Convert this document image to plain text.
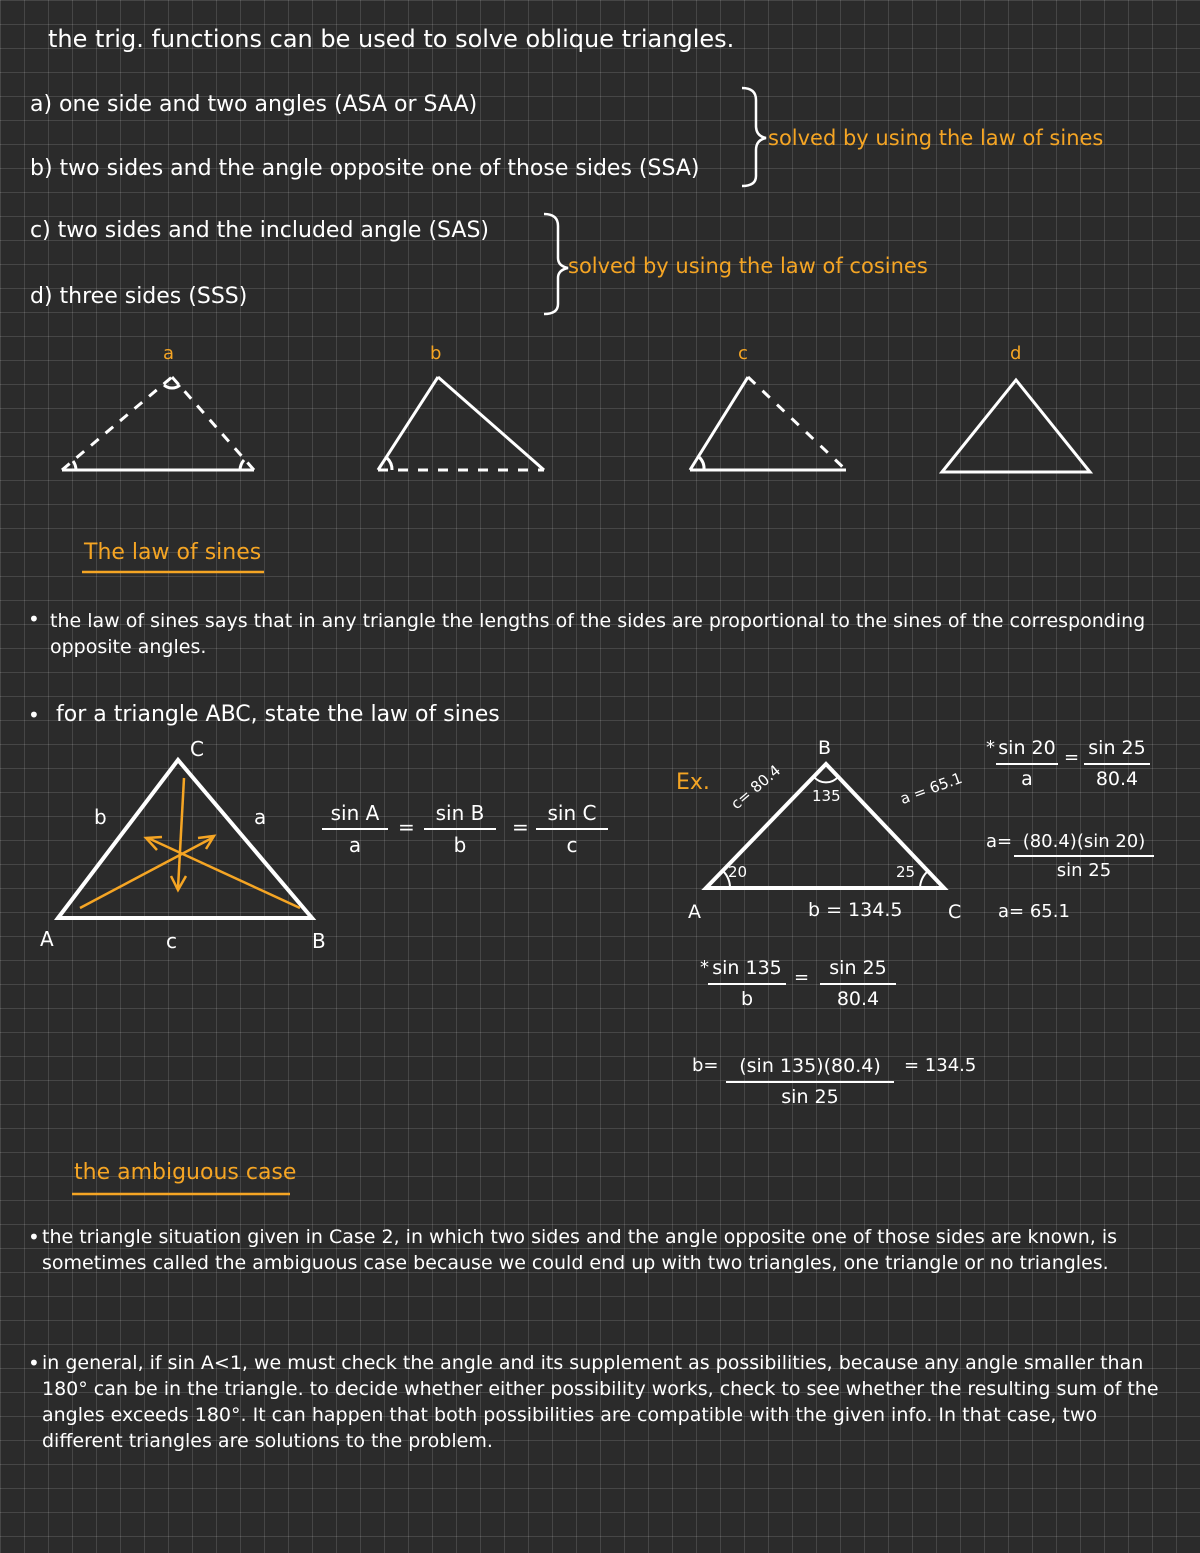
the trig. functions can be used to solve oblique triangles.
a) one side and two angles (ASA or SAA)
b) two sides and the angle opposite one of those sides (SSA)
c) two sides and the included angle (SAS)
d) three sides (SSS)
solved by using the law of sines
solved by using the law of cosines
a	b	c	d
The law of sines
• the law of sines says that in any triangle the lengths of the sides are proportional to the sines of the corresponding opposite angles.
• for a triangle ABC, state the law of sines
C
A	B
b	a
c
sin A
a
=
sin B
b
=
sin C
c
Ex.
B
A	C
c= 80.4	a = 65.1
b = 134.5
135
20	25
* sin 20
a
= sin 25
80.4
a= (80.4)(sin 20)
sin 25
a= 65.1
* sin 135
b
=	sin 25
80.4
b=	(sin 135)(80.4)
sin 25
= 134.5
the ambiguous case
• the triangle situation given in Case 2, in which two sides and the angle opposite one of those sides are known, is sometimes called the ambiguous case because we could end up with two triangles, one triangle or no triangles.
• in general, if sin A<1, we must check the angle and its supplement as possibilities, because any angle smaller than 180° can be in the triangle. to decide whether either possibility works, check to see whether the resulting sum of the angles exceeds 180°. It can happen that both possibilities are compatible with the given info. In that case, two different triangles are solutions to the problem.
